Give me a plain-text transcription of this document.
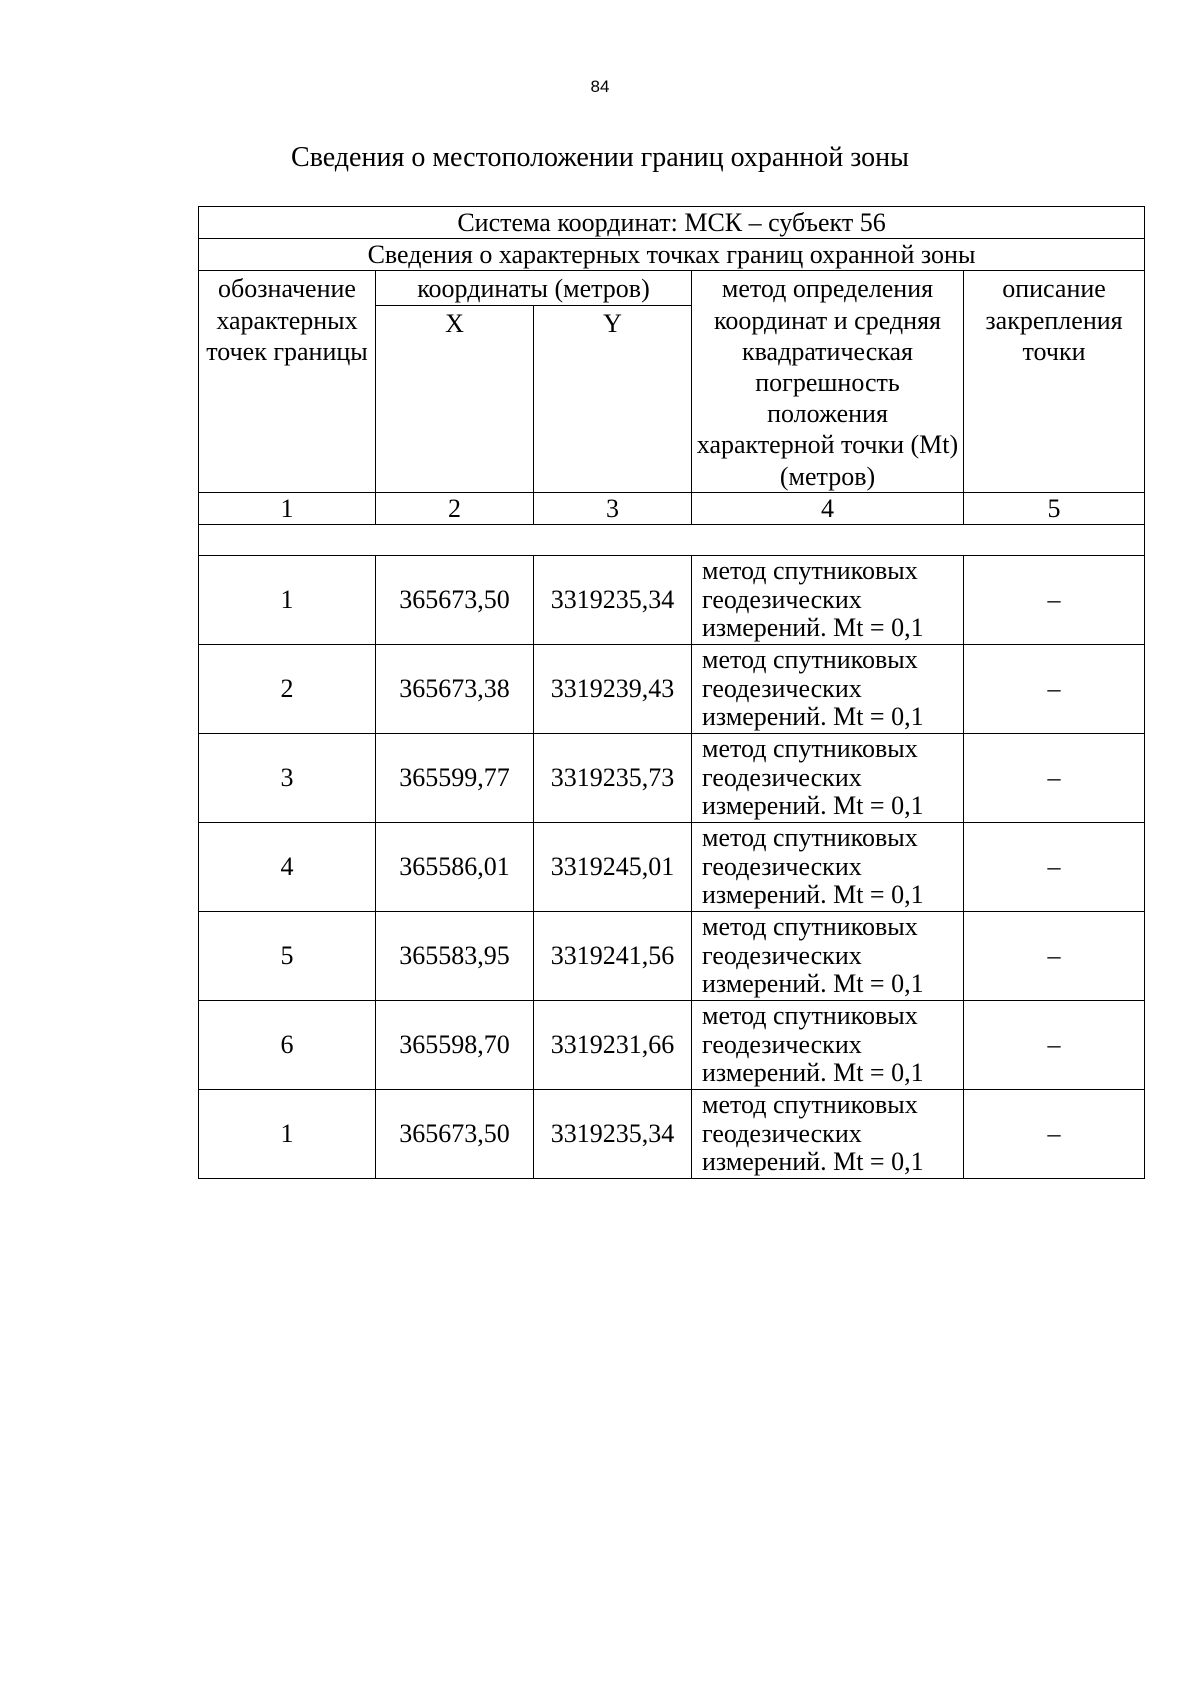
84
Сведения о местоположении границ охранной зоны
Система координат: МСК – субъект 56				
Сведения о характерных точках границ охранной зоны				
обозначение характерных точек границы	координаты (метров)		метод определения координат и средняя квадратическая погрешность положения характерной точки (Mt) (метров)	описание закрепления точки
	X	Y		
1	2	3	4	5

1	365673,50	3319235,34	метод спутниковых геодезических измерений. Mt = 0,1	–
2	365673,38	3319239,43	метод спутниковых геодезических измерений. Mt = 0,1	–
3	365599,77	3319235,73	метод спутниковых геодезических измерений. Mt = 0,1	–
4	365586,01	3319245,01	метод спутниковых геодезических измерений. Mt = 0,1	–
5	365583,95	3319241,56	метод спутниковых геодезических измерений. Mt = 0,1	–
6	365598,70	3319231,66	метод спутниковых геодезических измерений. Mt = 0,1	–
1	365673,50	3319235,34	метод спутниковых геодезических измерений. Mt = 0,1	–
